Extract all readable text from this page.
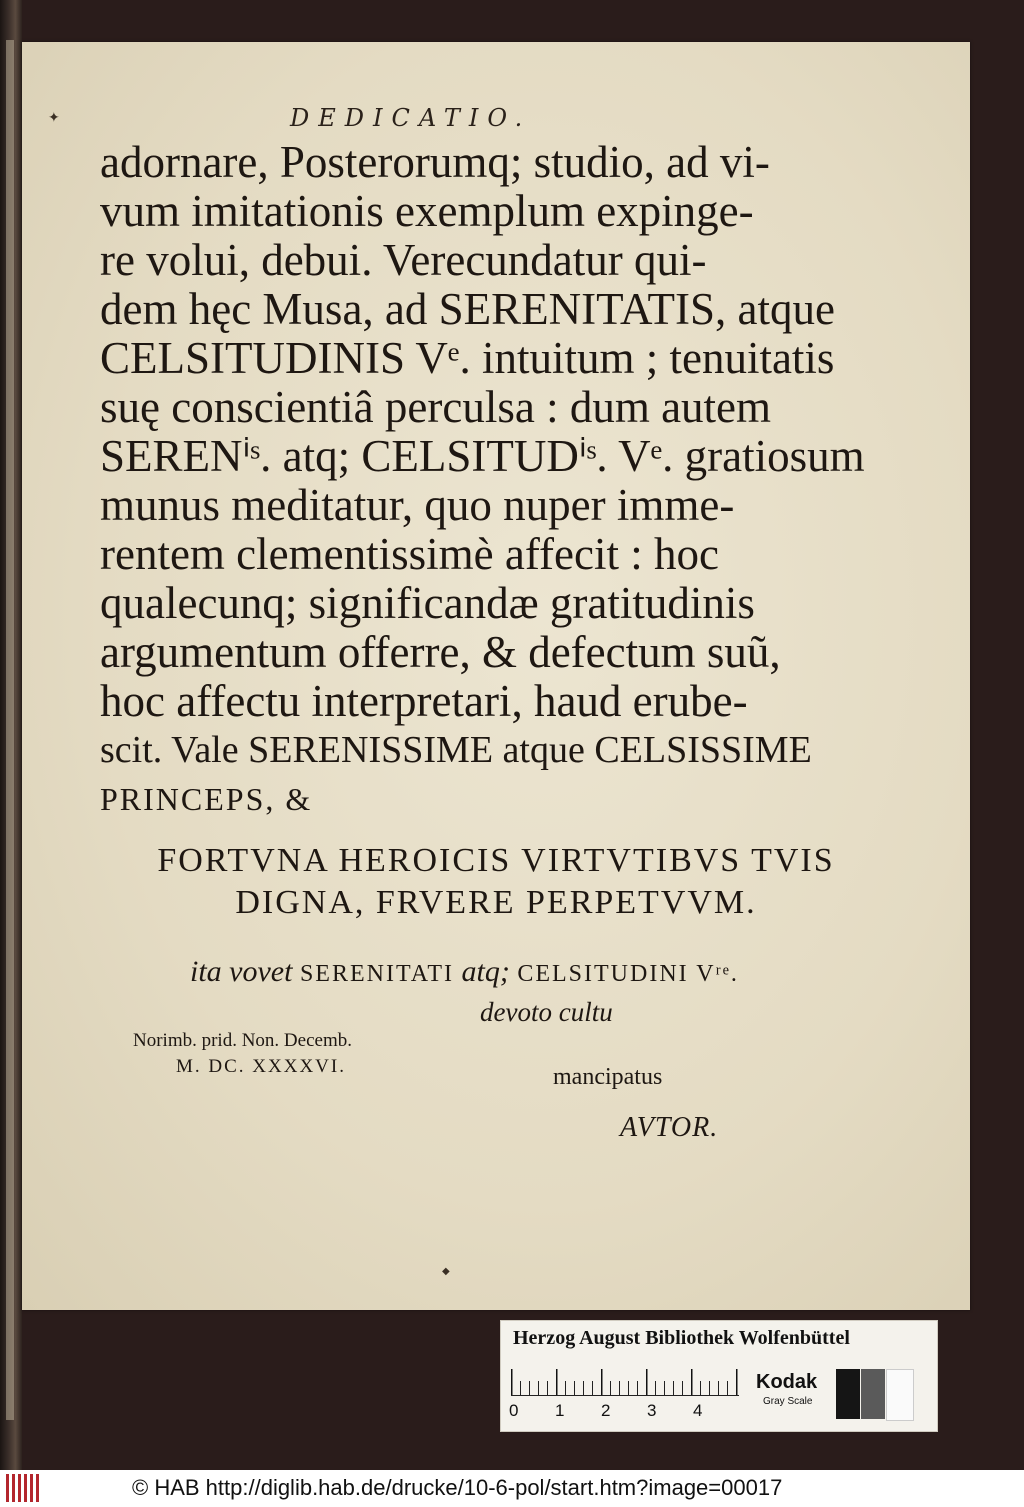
✦	DEDICATIO.
adornare, Posterorumq; studio, ad vi-
vum imitationis exemplum expinge-
re volui, debui. Verecundatur qui-
dem hęc Musa, ad SERENITATIS, atque
CELSITUDINIS Vᵉ. intuitum ; tenuitatis
suę conscientiâ perculsa : dum autem
SERENⁱˢ. atq; CELSITUDⁱˢ. Vᵉ. gratiosum
munus meditatur, quo nuper imme-
rentem clementissimè affecit : hoc
qualecunq; significandæ gratitudinis
argumentum offerre, & defectum suũ,
hoc affectu interpretari, haud erube-
scit. Vale SERENISSIME atque CELSISSIME
PRINCEPS, &
FORTVNA HEROICIS VIRTVTIBVS TVIS
DIGNA, FRVERE PERPETVVM.
ita vovet SERENITATI atq; CELSITUDINI Vʳᵉ.
devoto cultu
Norimb. prid. Non. Decemb.
M. DC. XXXXVI.	mancipatus
AVTOR.
◆
Herzog August Bibliothek Wolfenbüttel
0 1 2 3 4
Kodak
Gray Scale
© HAB http://diglib.hab.de/drucke/10-6-pol/start.htm?image=00017
